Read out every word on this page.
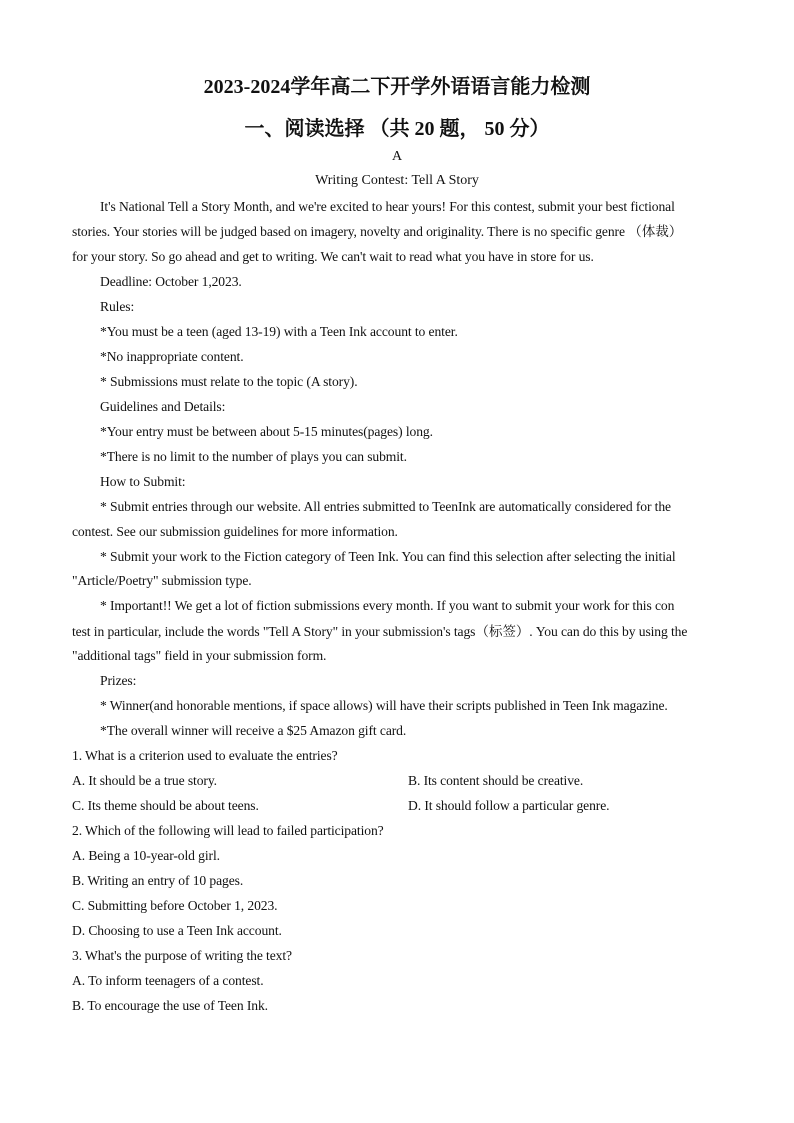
2023-2024学年高二下开学外语语言能力检测
一、阅读选择 （共 20 题， 50 分）
A
Writing Contest: Tell A Story
It's National Tell a Story Month, and we're excited to hear yours! For this contest, submit your best fictional
stories. Your stories will be judged based on imagery, novelty and originality. There is no specific genre （体裁）
for your story. So go ahead and get to writing. We can't wait to read what you have in store for us.
Deadline: October 1,2023.
Rules:
*You must be a teen (aged 13-19) with a Teen Ink account to enter.
*No inappropriate content.
* Submissions must relate to the topic (A story).
Guidelines and Details:
*Your entry must be between about 5-15 minutes(pages) long.
*There is no limit to the number of plays you can submit.
How to Submit:
* Submit entries through our website. All entries submitted to TeenInk are automatically considered for the
contest. See our submission guidelines for more information.
* Submit your work to the Fiction category of Teen Ink. You can find this selection after selecting the initial
"Article/Poetry" submission type.
* Important!! We get a lot of fiction submissions every month. If you want to submit your work for this con
test in particular, include the words "Tell A Story" in your submission's tags（标签）. You can do this by using the
"additional tags" field in your submission form.
Prizes:
* Winner(and honorable mentions, if space allows) will have their scripts published in Teen Ink magazine.
*The overall winner will receive a $25 Amazon gift card.
1. What is a criterion used to evaluate the entries?
A. It should be a true story.	B. Its content should be creative.
C. Its theme should be about teens.	D. It should follow a particular genre.
2. Which of the following will lead to failed participation?
A. Being a 10-year-old girl.
B. Writing an entry of 10 pages.
C. Submitting before October 1, 2023.
D. Choosing to use a Teen Ink account.
3. What's the purpose of writing the text?
A. To inform teenagers of a contest.
B. To encourage the use of Teen Ink.
